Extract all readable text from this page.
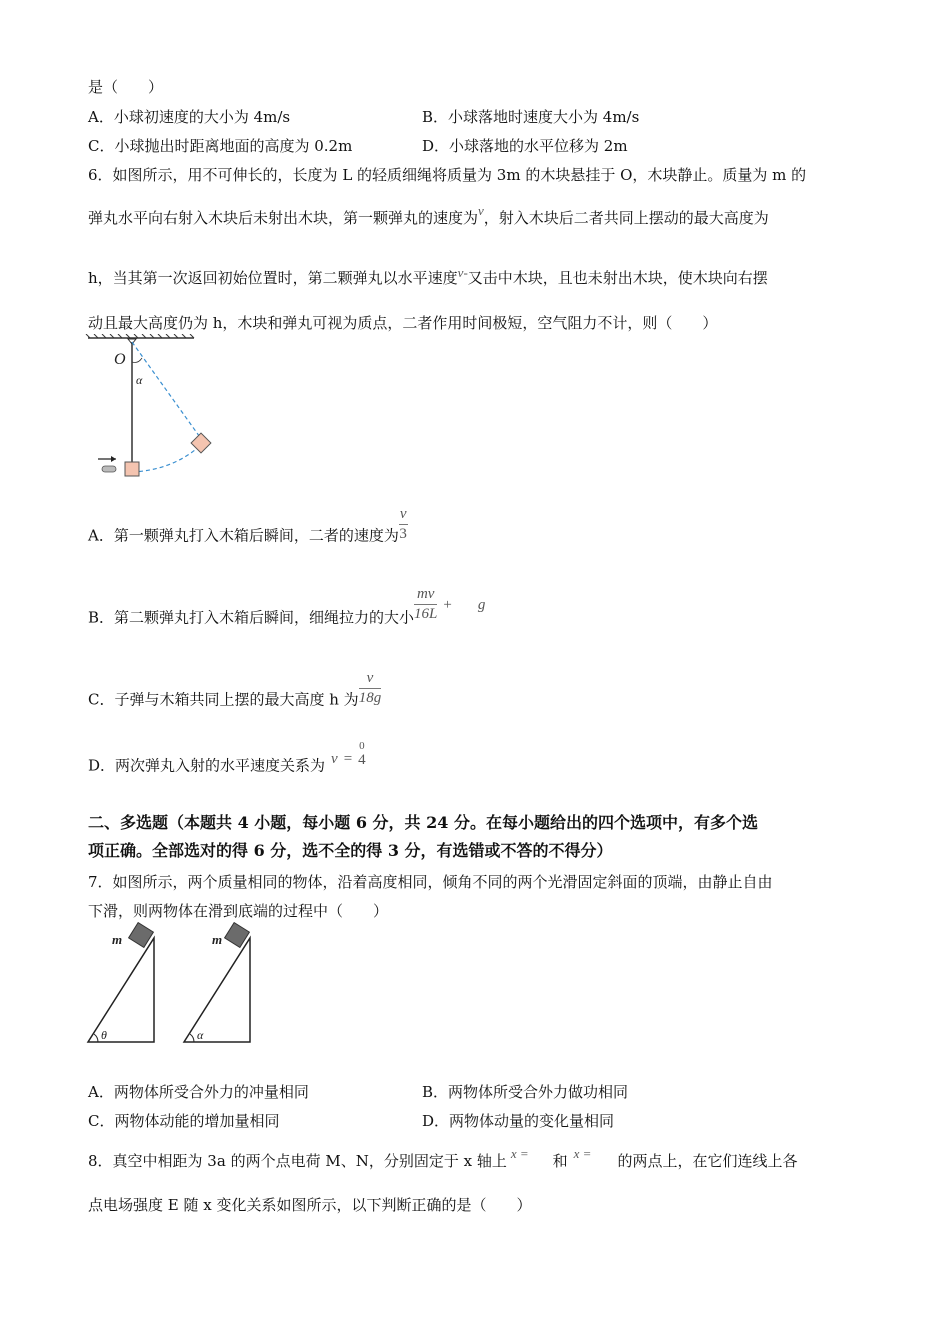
是（　　）
A．小球初速度的大小为 4m/s	B．小球落地时速度大小为 4m/s
C．小球抛出时距离地面的高度为 0.2m	D．小球落地的水平位移为 2m
6．如图所示，用不可伸长的，长度为 L 的轻质细绳将质量为 3m 的木块悬挂于 O，木块静止。质量为 m 的
弹丸水平向右射入木块后未射出木块，第一颗弹丸的速度为v，射入木块后二者共同上摆动的最大高度为
h，当其第一次返回初始位置时，第二颗弹丸以水平速度v-又击中木块，且也未射出木块，使木块向右摆
动且最大高度仍为 h，木块和弹丸可视为质点，二者作用时间极短，空气阻力不计，则（　　）
O
α
A．第一颗弹丸打入木箱后瞬间，二者的速度为 $\frac{v}{3}$
B．第二颗弹丸打入木箱后瞬间，细绳拉力的大小 $\frac{mv}{16L} + g$
C．子弹与木箱共同上摆的最大高度 h 为 $\frac{v}{18g}$
D．两次弹丸入射的水平速度关系为 v =
0
4
二、多选题（本题共 4 小题，每小题 6 分，共 24 分。在每小题给出的四个选项中，有多个选
项正确。全部选对的得 6 分，选不全的得 3 分，有选错或不答的不得分）
7．如图所示，两个质量相同的物体，沿着高度相同，倾角不同的两个光滑固定斜面的顶端，由静止自由
下滑，则两物体在滑到底端的过程中（　　）
m
θ
m
α
A．两物体所受合外力的冲量相同	B．两物体所受合外力做功相同
C．两物体动能的增加量相同	D．两物体动量的变化量相同
8．真空中相距为 3a 的两个点电荷 M、N，分别固定于 x 轴上 x = 和 x = 的两点上，在它们连线上各
点电场强度 E 随 x 变化关系如图所示，以下判断正确的是（　　）
